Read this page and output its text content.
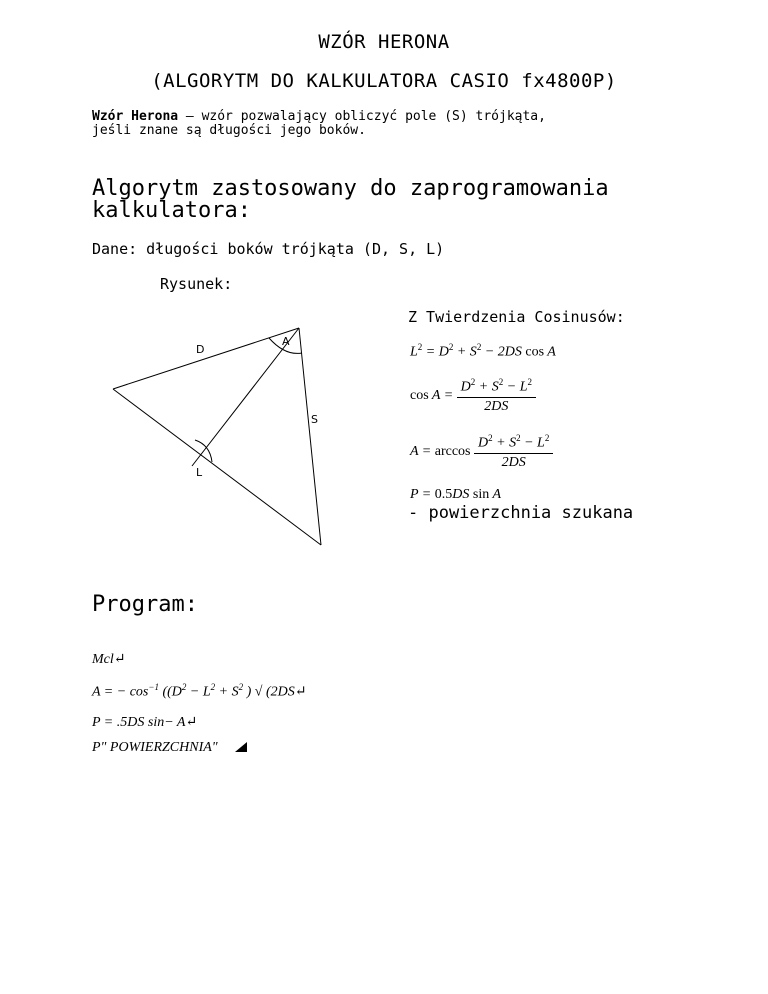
WZÓR HERONA
(ALGORYTM DO KALKULATORA CASIO fx4800P)
Wzór Herona – wzór pozwalający obliczyć pole (S) trójkąta,
jeśli znane są długości jego boków.
Algorytm zastosowany do zaprogramowania
kalkulatora:
Dane: długości boków trójkąta (D, S, L)
Rysunek:
D
A
S
L
Z Twierdzenia Cosinusów:
$L^2 = D^2 + S^2 - 2DS$ cos A
$\cos A = \frac{D^2 + S^2 - L^2}{2DS}$
$A = \arccos \frac{D^2 + S^2 - L^2}{2DS}$
P = 0.5DS sin A
- powierzchnia szukana
Program:
Mcl↵
A = − $\cos^{-1} ((D^2 - L^2 + S^2$ ) √ (2DS↵
P = .5DS sin− A↵
P" POWIERZCHNIA"
